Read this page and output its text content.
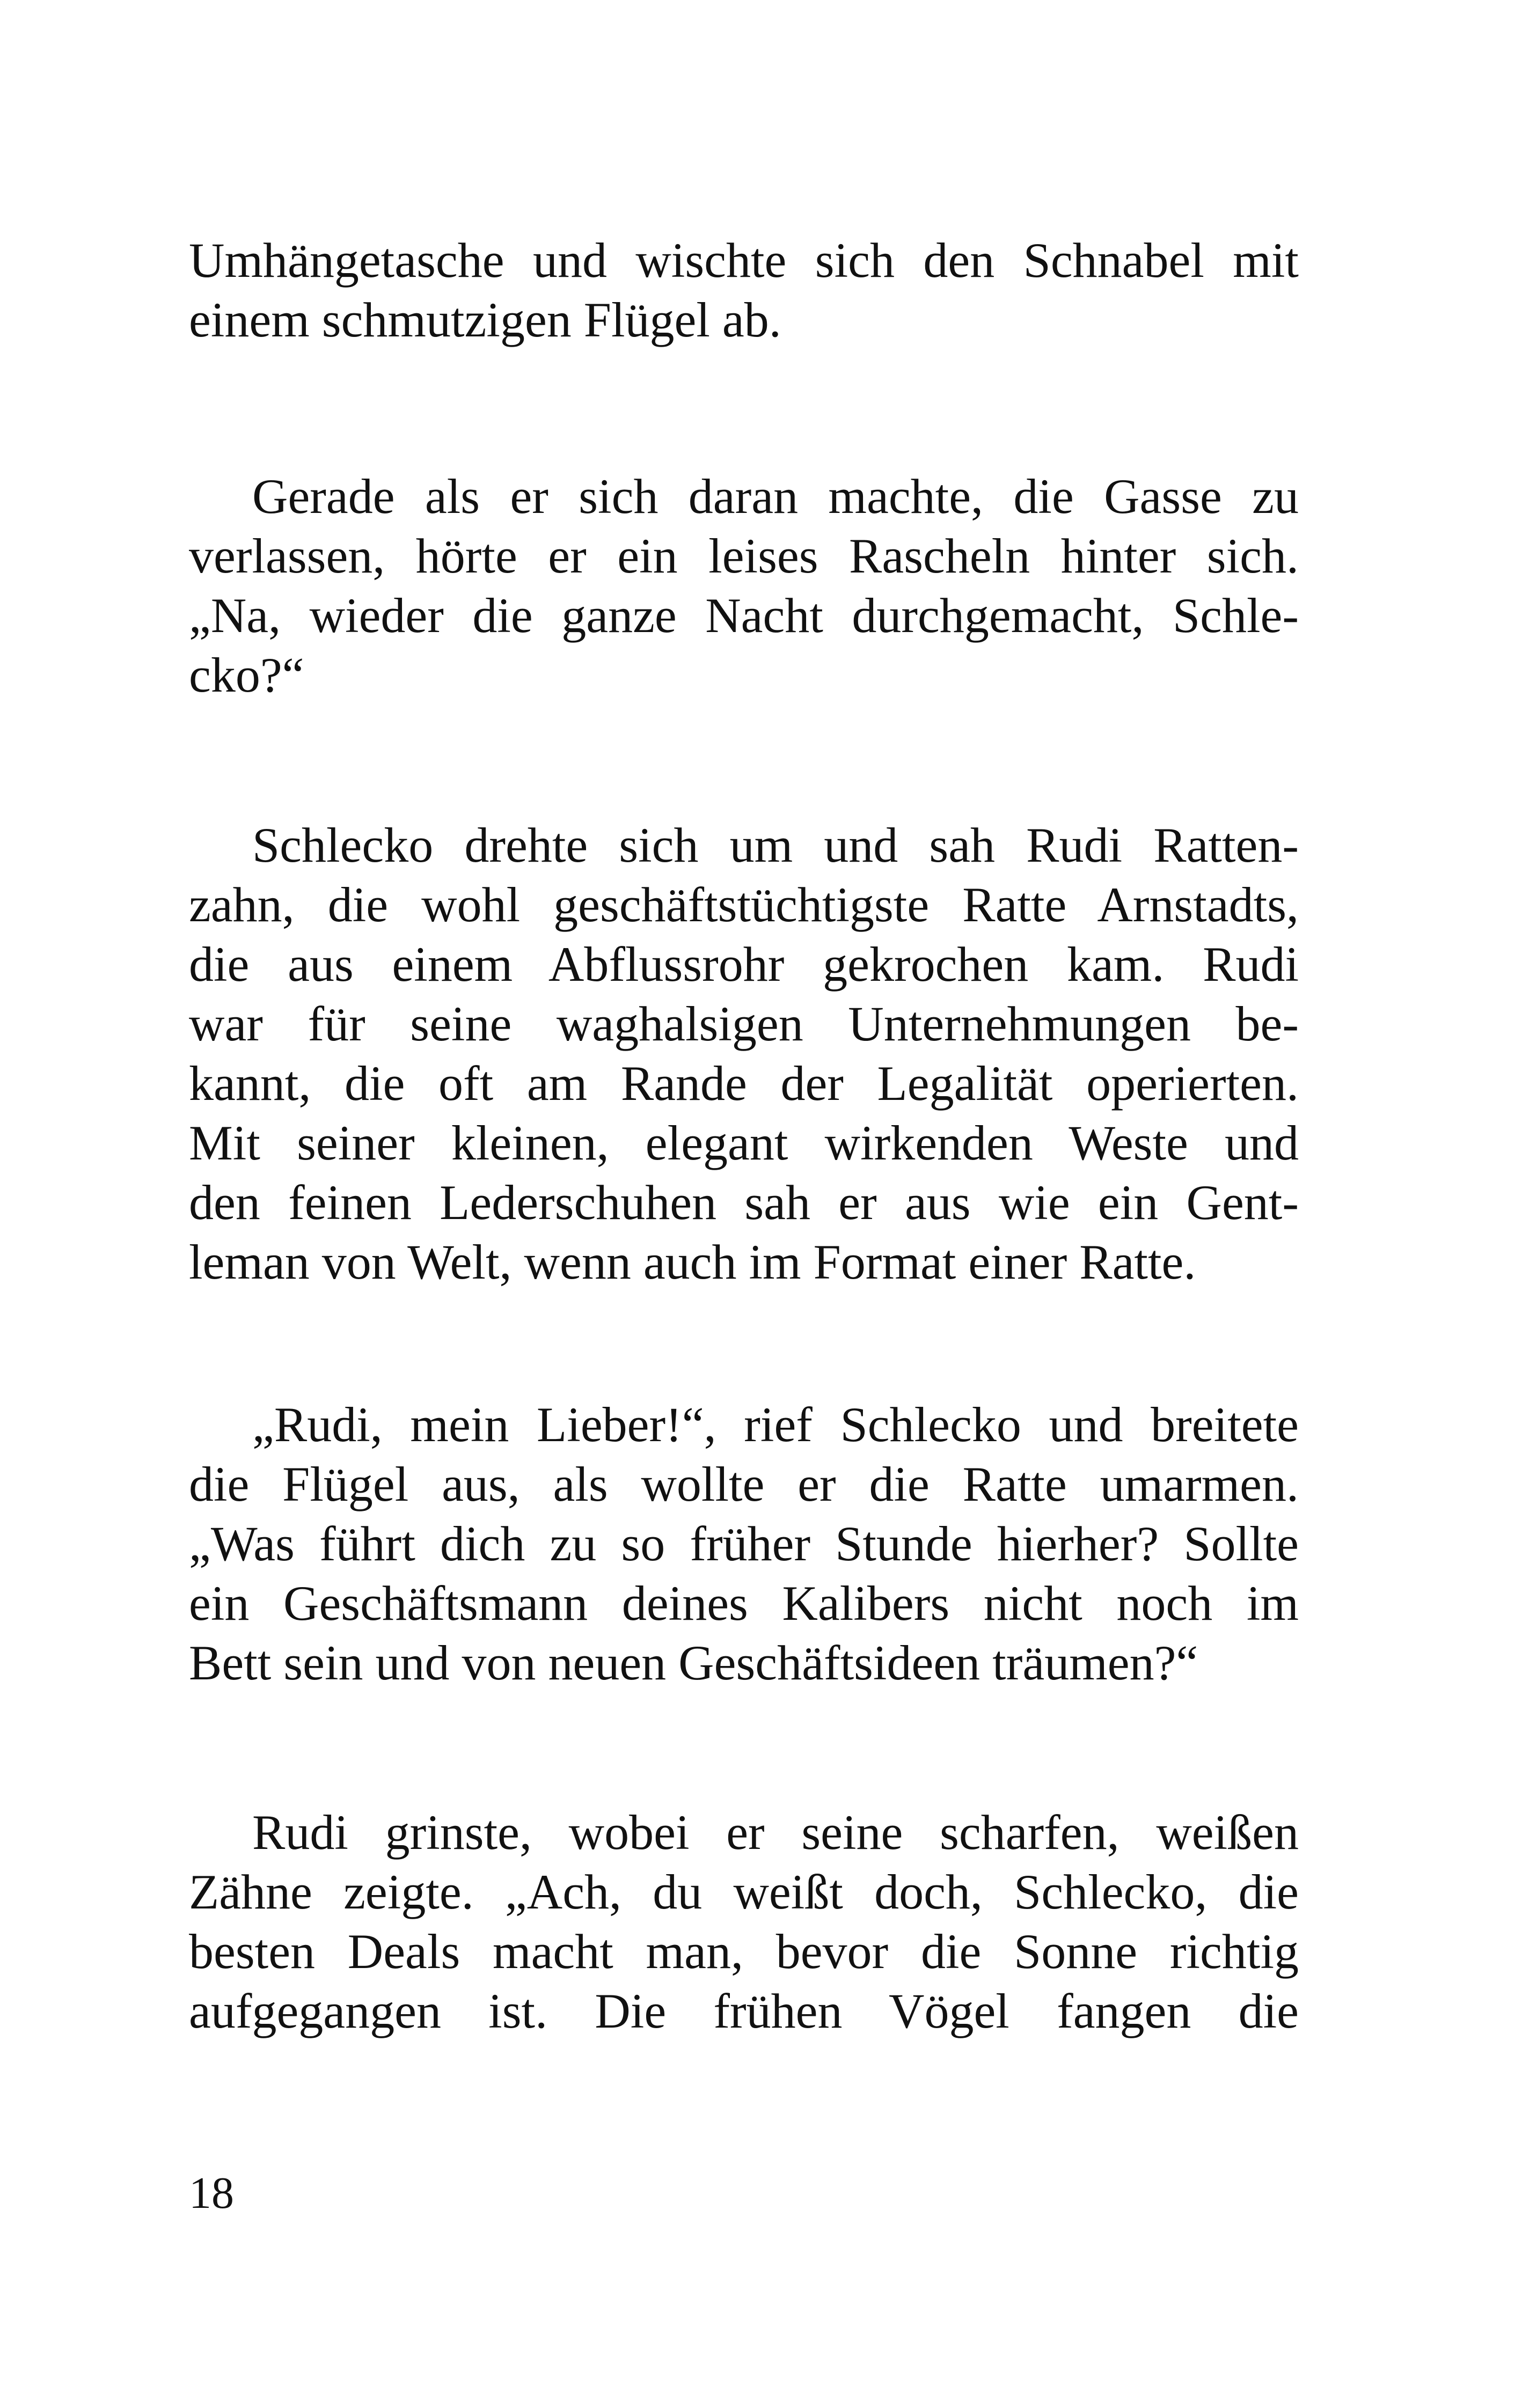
Umhängetasche und wischte sich den Schnabel mit
einem schmutzigen Flügel ab.
Gerade als er sich daran machte, die Gasse zu
verlassen, hörte er ein leises Rascheln hinter sich.
„Na, wieder die ganze Nacht durchgemacht, Schle-
cko?“
Schlecko drehte sich um und sah Rudi Ratten-
zahn, die wohl geschäftstüchtigste Ratte Arnstadts,
die aus einem Abflussrohr gekrochen kam. Rudi
war für seine waghalsigen Unternehmungen be-
kannt, die oft am Rande der Legalität operierten.
Mit seiner kleinen, elegant wirkenden Weste und
den feinen Lederschuhen sah er aus wie ein Gent-
leman von Welt, wenn auch im Format einer Ratte.
„Rudi, mein Lieber!“, rief Schlecko und breitete
die Flügel aus, als wollte er die Ratte umarmen.
„Was führt dich zu so früher Stunde hierher? Sollte
ein Geschäftsmann deines Kalibers nicht noch im
Bett sein und von neuen Geschäftsideen träumen?“
Rudi grinste, wobei er seine scharfen, weißen
Zähne zeigte. „Ach, du weißt doch, Schlecko, die
besten Deals macht man, bevor die Sonne richtig
aufgegangen ist. Die frühen Vögel fangen die
18
